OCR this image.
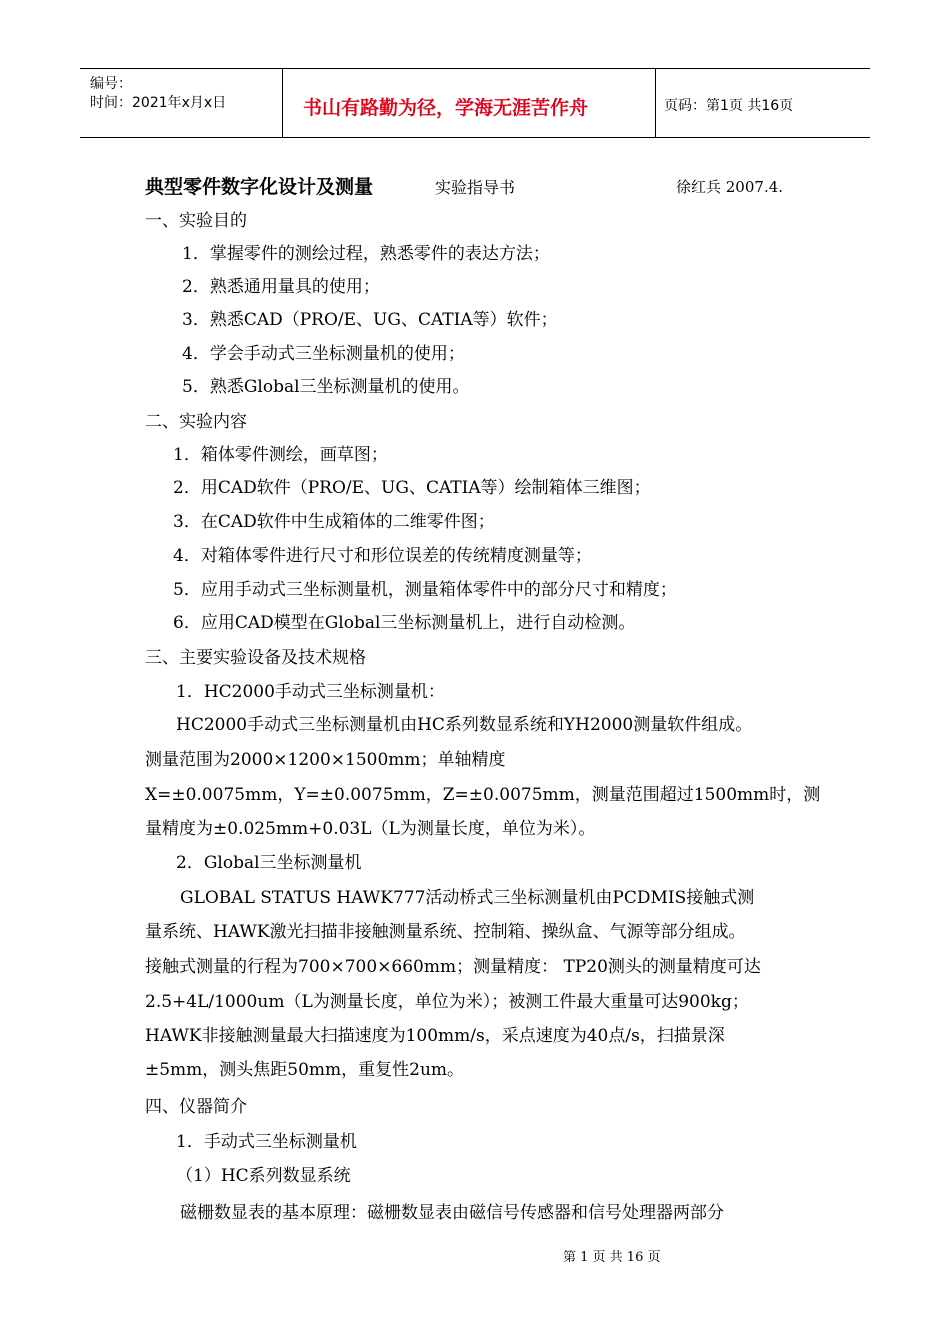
编号：
时间：2021年x月x日	书山有路勤为径，学海无涯苦作舟	页码：第1页 共16页
典型零件数字化设计及测量	实验指导书	徐红兵 2007.4.
一、实验目的
1．掌握零件的测绘过程，熟悉零件的表达方法；
2．熟悉通用量具的使用；
3．熟悉CAD（PRO/E、UG、CATIA等）软件；
4．学会手动式三坐标测量机的使用；
5．熟悉Global三坐标测量机的使用。
二、实验内容
1．箱体零件测绘，画草图；
2．用CAD软件（PRO/E、UG、CATIA等）绘制箱体三维图；
3．在CAD软件中生成箱体的二维零件图；
4．对箱体零件进行尺寸和形位误差的传统精度测量等；
5．应用手动式三坐标测量机，测量箱体零件中的部分尺寸和精度；
6．应用CAD模型在Global三坐标测量机上，进行自动检测。
三、主要实验设备及技术规格
1．HC2000手动式三坐标测量机：
HC2000手动式三坐标测量机由HC系列数显系统和YH2000测量软件组成。
测量范围为2000×1200×1500mm；单轴精度
X=±0.0075mm，Y=±0.0075mm，Z=±0.0075mm，测量范围超过1500mm时，测
量精度为±0.025mm+0.03L（L为测量长度，单位为米）。
2．Global三坐标测量机
GLOBAL STATUS HAWK777活动桥式三坐标测量机由PCDMIS接触式测
量系统、HAWK激光扫描非接触测量系统、控制箱、操纵盒、气源等部分组成。
接触式测量的行程为700×700×660mm；测量精度： TP20测头的测量精度可达
2.5+4L/1000um（L为测量长度，单位为米）；被测工件最大重量可达900kg；
HAWK非接触测量最大扫描速度为100mm/s，采点速度为40点/s，扫描景深
±5mm，测头焦距50mm，重复性2um。
四、仪器简介
1．手动式三坐标测量机
（1）HC系列数显系统
磁栅数显表的基本原理：磁栅数显表由磁信号传感器和信号处理器两部分
第 1 页 共 16 页
